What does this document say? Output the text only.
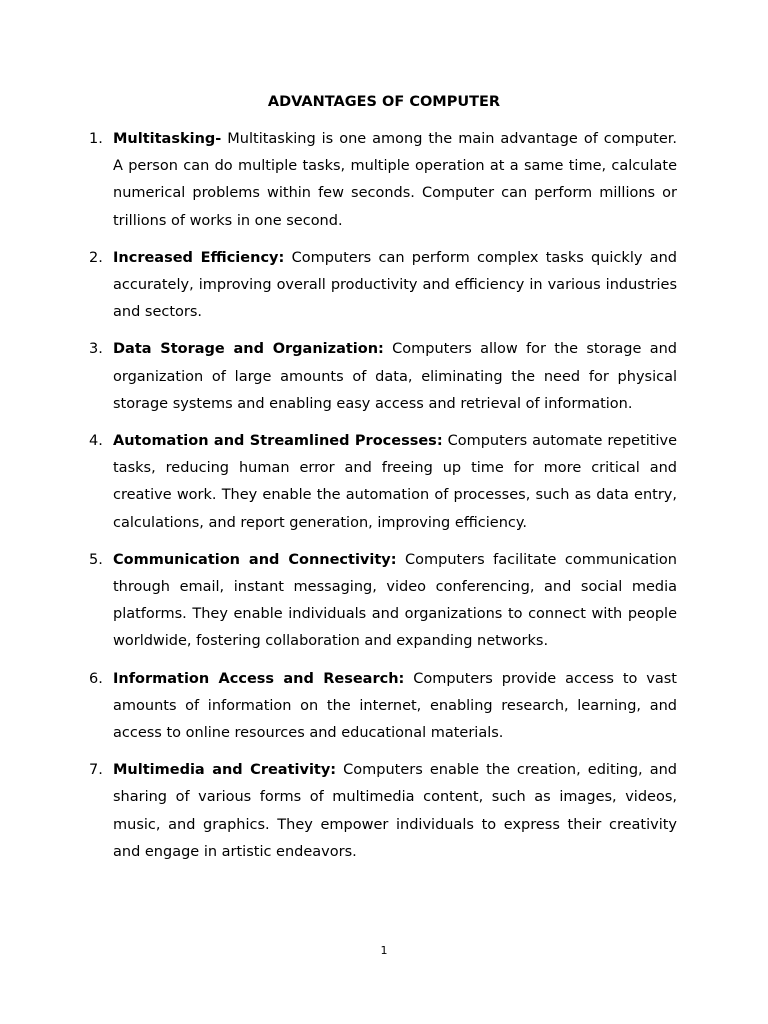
ADVANTAGES OF COMPUTER
1. Multitasking- Multitasking is one among the main advantage of computer. A person can do multiple tasks, multiple operation at a same time, calculate numerical problems within few seconds. Computer can perform millions or trillions of works in one second.
2. Increased Efficiency: Computers can perform complex tasks quickly and accurately, improving overall productivity and efficiency in various industries and sectors.
3. Data Storage and Organization: Computers allow for the storage and organization of large amounts of data, eliminating the need for physical storage systems and enabling easy access and retrieval of information.
4. Automation and Streamlined Processes: Computers automate repetitive tasks, reducing human error and freeing up time for more critical and creative work. They enable the automation of processes, such as data entry, calculations, and report generation, improving efficiency.
5. Communication and Connectivity: Computers facilitate communication through email, instant messaging, video conferencing, and social media platforms. They enable individuals and organizations to connect with people worldwide, fostering collaboration and expanding networks.
6. Information Access and Research: Computers provide access to vast amounts of information on the internet, enabling research, learning, and access to online resources and educational materials.
7. Multimedia and Creativity: Computers enable the creation, editing, and sharing of various forms of multimedia content, such as images, videos, music, and graphics. They empower individuals to express their creativity and engage in artistic endeavors.
1
